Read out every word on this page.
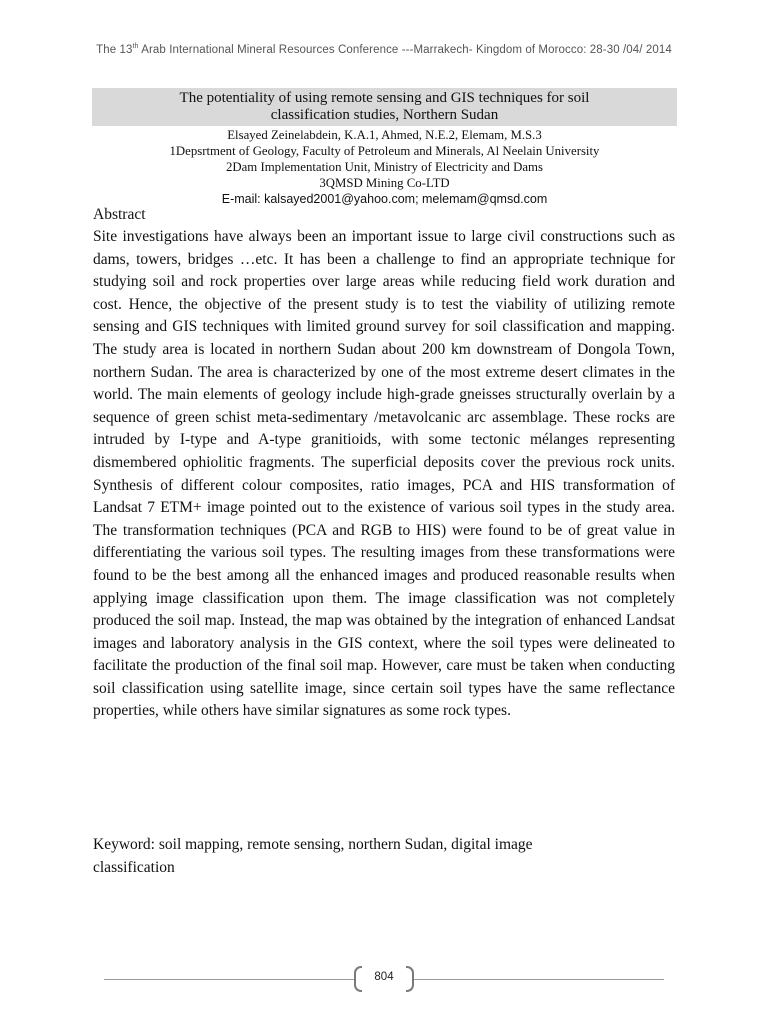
The 13th Arab International Mineral Resources Conference ---Marrakech- Kingdom of Morocco: 28-30 /04/ 2014
The potentiality of using remote sensing and GIS techniques for soil
classification studies, Northern Sudan
Elsayed Zeinelabdein, K.A.1, Ahmed, N.E.2, Elemam, M.S.3
1Depsrtment of Geology, Faculty of Petroleum and Minerals, Al Neelain University
2Dam Implementation Unit, Ministry of Electricity and Dams
3QMSD Mining Co-LTD
E-mail: kalsayed2001@yahoo.com; melemam@qmsd.com
Abstract

Site investigations have always been an important issue to large civil constructions such as dams, towers, bridges …etc. It has been a challenge to find an appropriate technique for studying soil and rock properties over large areas while reducing field work duration and cost. Hence, the objective of the present study is to test the viability of utilizing remote sensing and GIS techniques with limited ground survey for soil classification and mapping. The study area is located in northern Sudan about 200 km downstream of Dongola Town, northern Sudan. The area is characterized by one of the most extreme desert climates in the world. The main elements of geology include high-grade gneisses structurally overlain by a sequence of green schist meta-sedimentary /metavolcanic arc assemblage. These rocks are intruded by I-type and A-type granitioids, with some tectonic mélanges representing dismembered ophiolitic fragments. The superficial deposits cover the previous rock units. Synthesis of different colour composites, ratio images, PCA and HIS transformation of Landsat 7 ETM+ image pointed out to the existence of various soil types in the study area. The transformation techniques (PCA and RGB to HIS) were found to be of great value in differentiating the various soil types. The resulting images from these transformations were found to be the best among all the enhanced images and produced reasonable results when applying image classification upon them. The image classification was not completely produced the soil map. Instead, the map was obtained by the integration of enhanced Landsat images and laboratory analysis in the GIS context, where the soil types were delineated to facilitate the production of the final soil map. However, care must be taken when conducting soil classification using satellite image, since certain soil types have the same reflectance properties, while others have similar signatures as some rock types.

Keyword: soil mapping, remote sensing, northern Sudan, digital image
classification
804
